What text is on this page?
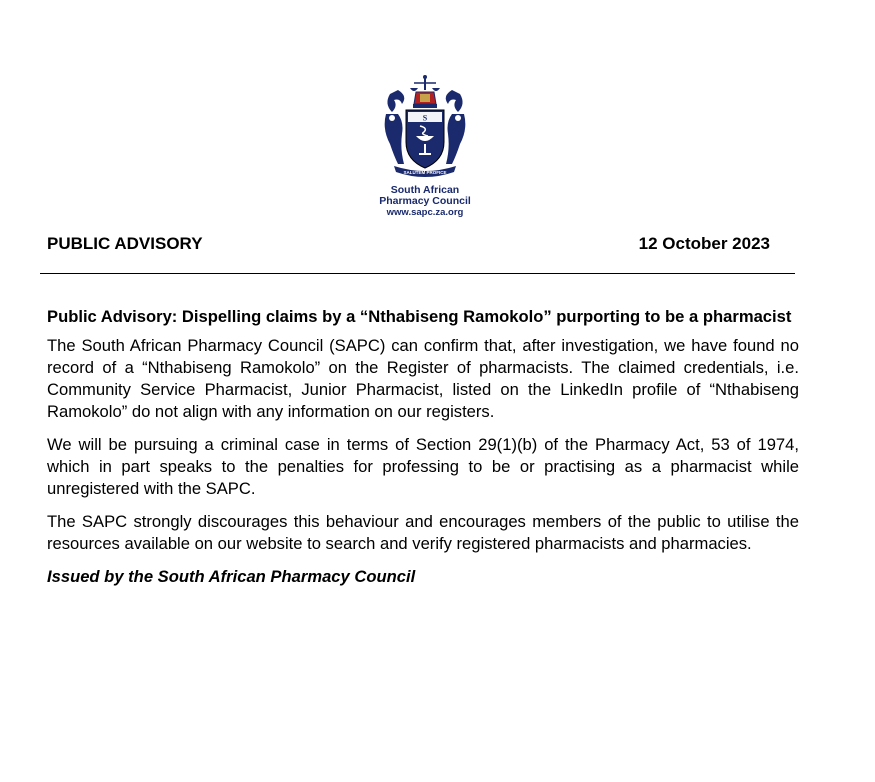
S
SALUTEM PROFICE
South African
Pharmacy Council
www.sapc.za.org
PUBLIC ADVISORY	12 October 2023

Public Advisory: Dispelling claims by a “Nthabiseng Ramokolo” purporting to be a pharmacist

The South African Pharmacy Council (SAPC) can confirm that, after investigation, we have found no record of a “Nthabiseng Ramokolo” on the Register of pharmacists. The claimed credentials, i.e. Community Service Pharmacist, Junior Pharmacist, listed on the LinkedIn profile of “Nthabiseng Ramokolo” do not align with any information on our registers.

We will be pursuing a criminal case in terms of Section 29(1)(b) of the Pharmacy Act, 53 of 1974, which in part speaks to the penalties for professing to be or practising as a pharmacist while unregistered with the SAPC.

The SAPC strongly discourages this behaviour and encourages members of the public to utilise the resources available on our website to search and verify registered pharmacists and pharmacies.

Issued by the South African Pharmacy Council
